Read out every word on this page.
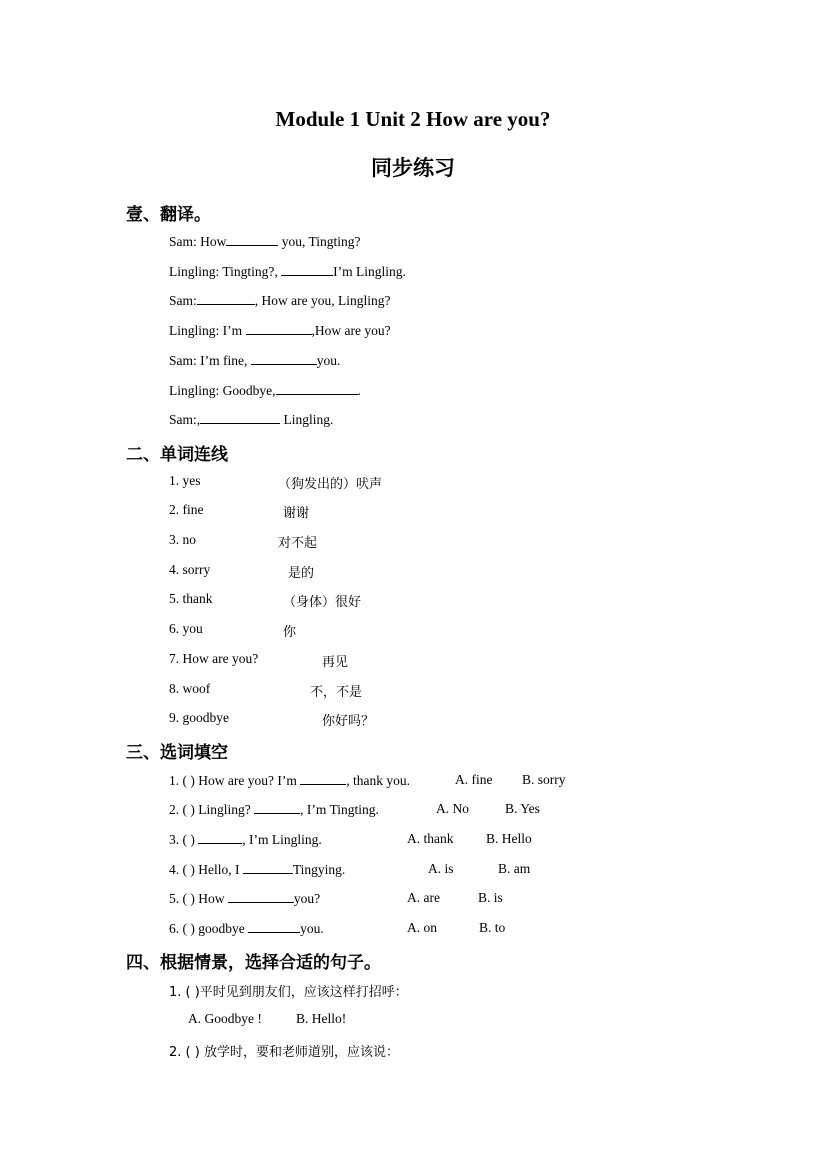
Module 1 Unit 2 How are you?
同步练习
壹、翻译。
Sam: How	you, Tingting?
Lingling: Tingting?,	I’m Lingling.
Sam:	, How are you, Lingling?
Lingling: I’m	,How are you?
Sam: I’m fine,	you.
Lingling: Goodbye,	.
Sam:,	Lingling.
二、单词连线
1. yes	（狗发出的）吠声
2. fine	谢谢
3. no	对不起
4. sorry	是的
5. thank	（身体）很好
6. you	你
7. How are you?	再见
8. woof	不，不是
9. goodbye	你好吗？
三、选词填空
1. ( ) How are you? I’m	, thank you.	A. fine B. sorry
2. ( ) Lingling?	, I’m Tingting.	A. No	B. Yes
3. ( )	, I’m Lingling.	A. thank B. Hello
4. ( ) Hello, I	Tingying.	A. is	B. am
5. ( ) How	you?	A. are	B. is
6. ( ) goodbye	you.	A. on	B. to
四、根据情景，选择合适的句子。
1. ( )平时见到朋友们，应该这样打招呼：
A. Goodbye !	B. Hello!
2. ( ) 放学时，要和老师道别，应该说：
